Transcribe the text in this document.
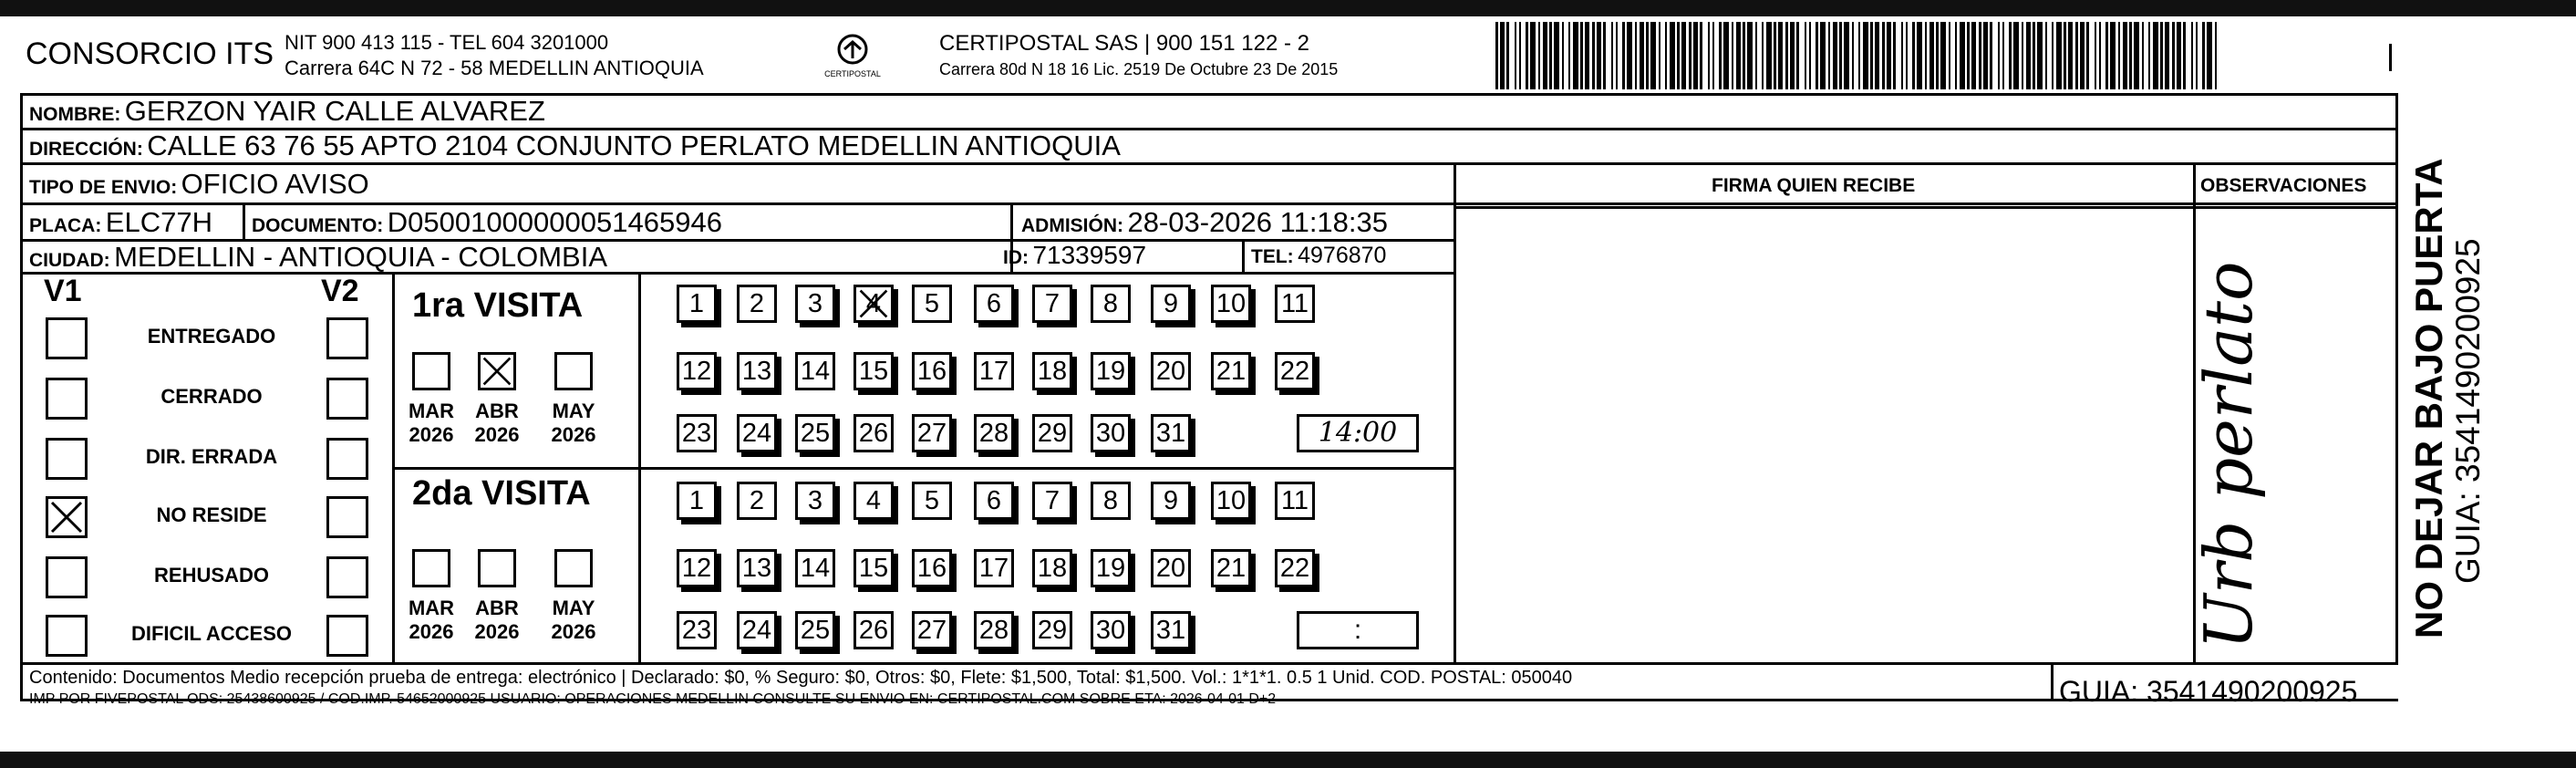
CONSORCIO ITS NIT 900 413 115 - TEL 604 3201000
Carrera 64C N 72 - 58 MEDELLIN ANTIOQUIA	CERTIPOSTAL
CERTIPOSTAL SAS | 900 151 122 - 2
Carrera 80d N 18 16 Lic. 2519 De Octubre 23 De 2015
NOMBRE: GERZON YAIR CALLE ALVAREZ
DIRECCIÓN: CALLE 63 76 55 APTO 2104 CONJUNTO PERLATO MEDELLIN ANTIOQUIA
TIPO DE ENVIO: OFICIO AVISO
PLACA: ELC77H DOCUMENTO: D05001000000051465946	ADMISIÓN: 28-03-2026 11:18:35
CIUDAD: MEDELLIN - ANTIOQUIA - COLOMBIA	ID: 71339597	TEL: 4976870
FIRMA QUIEN RECIBE	OBSERVACIONES
V1	V2
ENTREGADO
CERRADO
DIR. ERRADA
NO RESIDE
REHUSADO
DIFICIL ACCESO
1ra VISITA
2da VISITA
MAR
2026
ABR
2026
MAY
2026
1	2	3	4	5	6	7	8	9	10 11
12 13 14 15 16 17 18 19 20 21 22
23 24 25 26 27 28 29 30 31	14:00
MAR
2026
ABR
2026
MAY
2026
1	2	3	4	5	6	7	8	9	10 11
12 13 14 15 16 17 18 19 20 21 22
23 24 25 26 27 28 29 30 31	:	Urb perlato
Contenido: Documentos Medio recepción prueba de entrega: electrónico | Declarado: $0, % Seguro: $0, Otros: $0, Flete: $1,500, Total: $1,500. Vol.: 1*1*1. 0.5 1 Unid. COD. POSTAL: 050040
IMP POR FIVEPOSTAL ODS: 25438600925 / COD.IMP. 54652000925 USUARIO: OPERACIONES MEDELLIN CONSULTE SU ENVIO EN: CERTIPOSTAL.COM SOBRE ETA: 2026-04-01 D+2	GUIA: 3541490200925
NO DEJAR BAJO PUERTA GUIA: 3541490200925
